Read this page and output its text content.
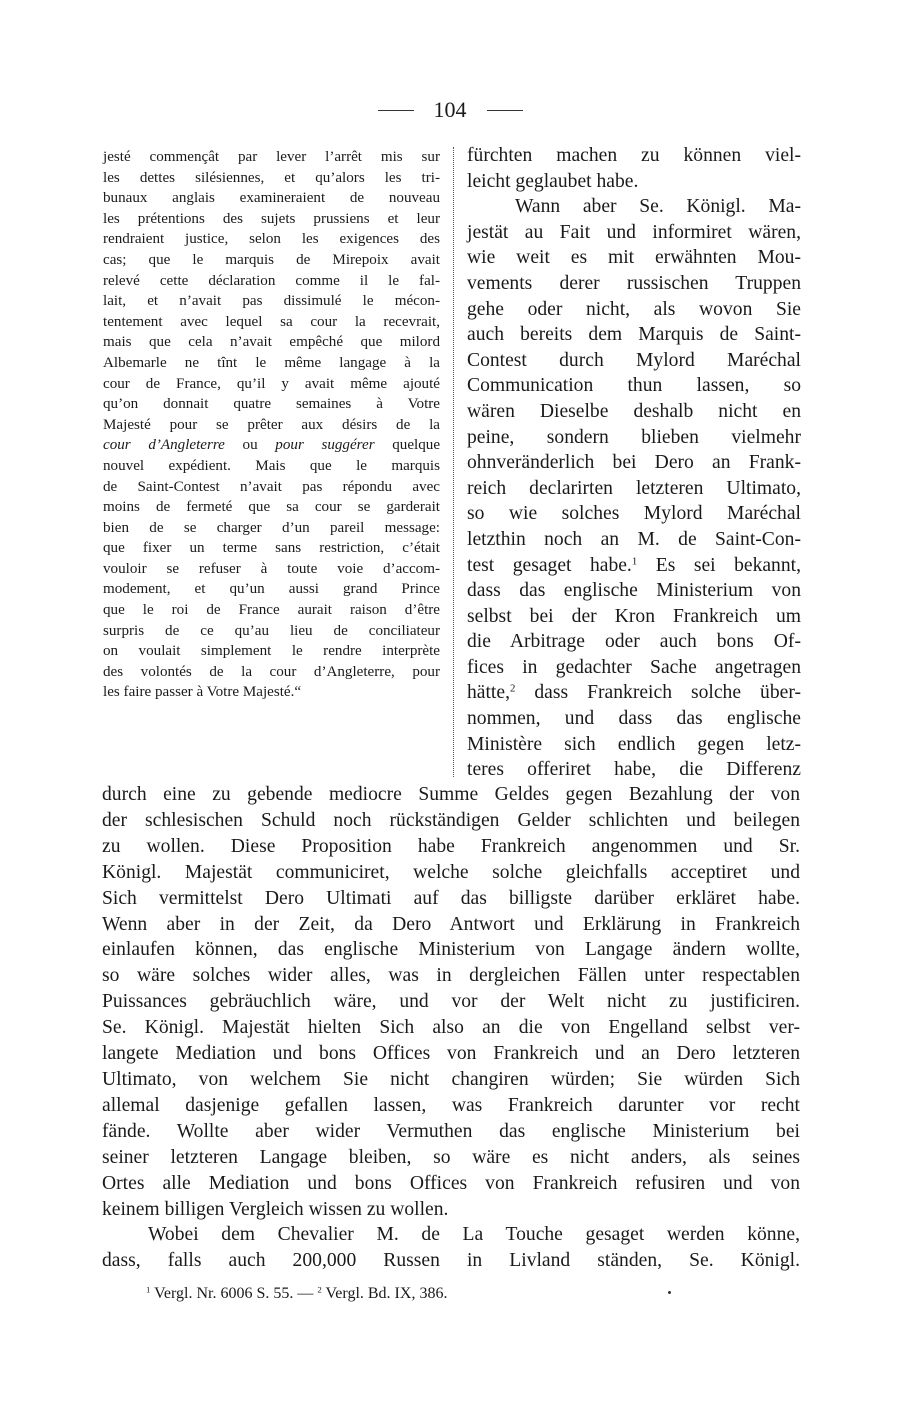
104
jesté commençât par lever l’arrêt mis sur
les dettes silésiennes, et qu’alors les tri-
bunaux anglais examineraient de nouveau
les prétentions des sujets prussiens et leur
rendraient justice, selon les exigences des
cas; que le marquis de Mirepoix avait
relevé cette déclaration comme il le fal-
lait, et n’avait pas dissimulé le mécon-
tentement avec lequel sa cour la recevrait,
mais que cela n’avait empêché que milord
Albemarle ne tînt le même langage à la
cour de France, qu’il y avait même ajouté
qu’on donnait quatre semaines à Votre
Majesté pour se prêter aux désirs de la
cour d’Angleterre ou pour suggérer quelque
nouvel expédient. Mais que le marquis
de Saint-Contest n’avait pas répondu avec
moins de fermeté que sa cour se garderait
bien de se charger d’un pareil message:
que fixer un terme sans restriction, c’était
vouloir se refuser à toute voie d’accom-
modement, et qu’un aussi grand Prince
que le roi de France aurait raison d’être
surpris de ce qu’au lieu de conciliateur
on voulait simplement le rendre interprète
des volontés de la cour d’Angleterre, pour
les faire passer à Votre Majesté.“
fürchten machen zu können viel-
leicht geglaubet habe.
Wann aber Se. Königl. Ma-
jestät au Fait und informiret wären,
wie weit es mit erwähnten Mou-
vements derer russischen Truppen
gehe oder nicht, als wovon Sie
auch bereits dem Marquis de Saint-
Contest durch Mylord Maréchal
Communication thun lassen, so
wären Dieselbe deshalb nicht en
peine, sondern blieben vielmehr
ohnveränderlich bei Dero an Frank-
reich declarirten letzteren Ultimato,
so wie solches Mylord Maréchal
letzthin noch an M. de Saint-Con-
test gesaget habe.$^1$ Es sei bekannt,
dass das englische Ministerium von
selbst bei der Kron Frankreich um
die Arbitrage oder auch bons Of-
fices in gedachter Sache angetragen
hätte,$^2$ dass Frankreich solche über-
nommen, und dass das englische
Ministère sich endlich gegen letz-
teres offeriret habe, die Differenz
durch eine zu gebende mediocre Summe Geldes gegen Bezahlung der von
der schlesischen Schuld noch rückständigen Gelder schlichten und beilegen
zu wollen. Diese Proposition habe Frankreich angenommen und Sr.
Königl. Majestät communiciret, welche solche gleichfalls acceptiret und
Sich vermittelst Dero Ultimati auf das billigste darüber erkläret habe.
Wenn aber in der Zeit, da Dero Antwort und Erklärung in Frankreich
einlaufen können, das englische Ministerium von Langage ändern wollte,
so wäre solches wider alles, was in dergleichen Fällen unter respectablen
Puissances gebräuchlich wäre, und vor der Welt nicht zu justificiren.
Se. Königl. Majestät hielten Sich also an die von Engelland selbst ver-
langete Mediation und bons Offices von Frankreich und an Dero letzteren
Ultimato, von welchem Sie nicht changiren würden; Sie würden Sich
allemal dasjenige gefallen lassen, was Frankreich darunter vor recht
fände. Wollte aber wider Vermuthen das englische Ministerium bei
seiner letzteren Langage bleiben, so wäre es nicht anders, als seines
Ortes alle Mediation und bons Offices von Frankreich refusiren und von
keinem billigen Vergleich wissen zu wollen.
Wobei dem Chevalier M. de La Touche gesaget werden könne,
dass, falls auch 200,000 Russen in Livland ständen, Se. Königl.
$^1$ Vergl. Nr. 6006 S. 55. — $^2$ Vergl. Bd. IX, 386.
